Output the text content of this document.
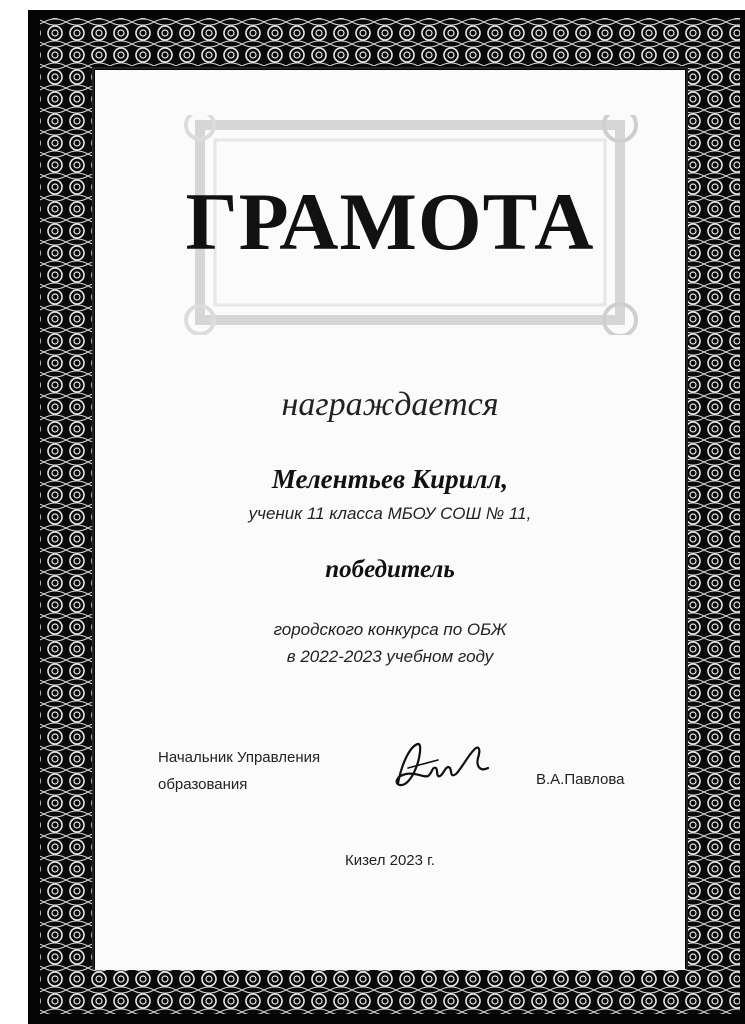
ГРАМОТА
награждается
Мелентьев Кирилл,
ученик 11 класса МБОУ СОШ № 11,
победитель
городского конкурса по ОБЖ
в 2022-2023 учебном году
Начальник Управления
образования	В.А.Павлова
Кизел 2023 г.
